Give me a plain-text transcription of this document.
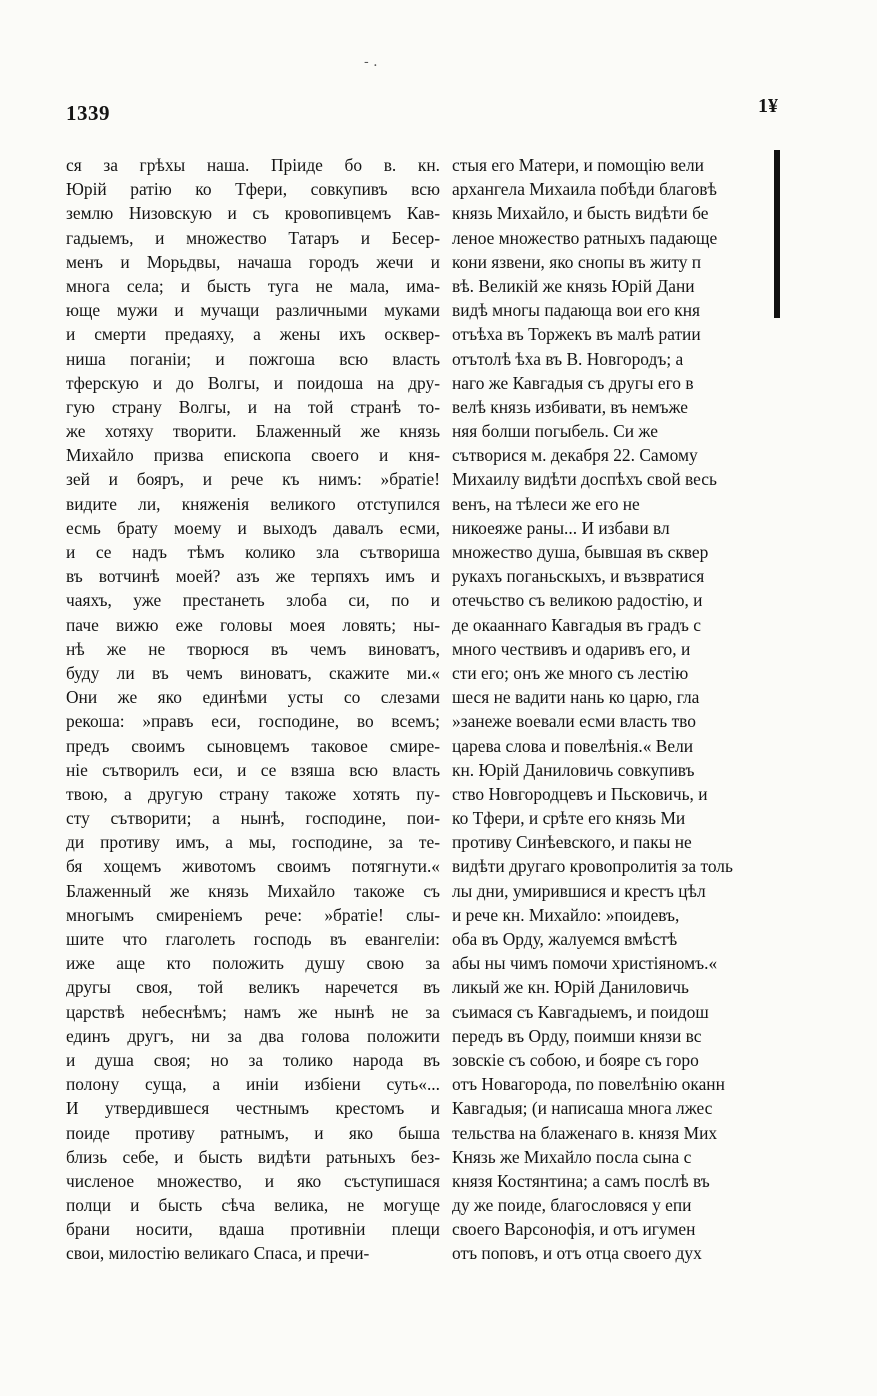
- .
1339	1¥
ся за грѣхы наша. Прiиде бо в. кн.
Юрiй ратiю ко Тфери, совкупивъ всю
землю Низовскую и съ кровопивцемъ Кав-
гадыемъ, и множество Татаръ и Бесер-
менъ и Морьдвы, начаша городъ жечи и
многа села; и бысть туга не мала, има-
юще мужи и мучащи различными муками
и смерти предаяху, а жены ихъ осквер-
ниша поганiи; и пожгоша всю власть
тферскую и до Волгы, и поидоша на дру-
гую страну Волгы, и на той странѣ то-
же хотяху творити. Блаженный же князь
Михайло призва епископа своего и кня-
зей и бояръ, и рече къ нимъ: »братiе!
видите ли, княженiя великого отступился
есмь брату моему и выходъ давалъ есми,
и се надъ тѣмъ колико зла сътвориша
въ вотчинѣ моей? азъ же терпяхъ имъ и
чаяхъ, уже престанеть злоба си, по и
паче вижю еже головы моея ловять; ны-
нѣ же не творюся въ чемъ виноватъ,
буду ли въ чемъ виноватъ, скажите ми.«
Они же яко единѣми усты со слезами
рекоша: »правъ еси, господине, во всемъ;
предъ своимъ сыновцемъ таковое смире-
нiе сътворилъ еси, и се взяша всю власть
твою, а другую страну такоже хотять пу-
сту сътворити; а нынѣ, господине, пои-
ди противу имъ, а мы, господине, за те-
бя хощемъ животомъ своимъ потягнути.«
Блаженный же князь Михайло такоже съ
многымъ смиренiемъ рече: »братiе! слы-
шите что глаголеть господь въ евангелiи:
иже аще кто положить душу свою за
другы своя, той великъ наречется въ
царствѣ небеснѣмъ; намъ же нынѣ не за
единъ другъ, ни за два голова положити
и душа своя; но за толико народа въ
полону суща, а инiи избiени суть«...
И утвердившеся честнымъ крестомъ и
поиде противу ратнымъ, и яко быша
близь себе, и бысть видѣти ратьныхъ без-
численое множество, и яко съступишася
полци и бысть сѣча велика, не могуще
брани носити, вдаша противнiи плещи
свои, милостiю великаго Спаса, и пречи-
стыя его Матери, и помощiю вели
архангела Михаила побѣди благовѣ
князь Михайло, и бысть видѣти бе
леное множество ратныхъ падающе
кони язвени, яко снопы въ житу п
вѣ. Великiй же князь Юрiй Дани
видѣ многы падающа вои его кня
отъѣха въ Торжекъ въ малѣ ратии
отътолѣ ѣха въ В. Новгородъ; а
наго же Кавгадыя съ другы его в
велѣ князь избивати, въ немъже
няя болши погыбель. Си же
сътворися м. декабря 22. Самому
Михаилу видѣти доспѣхъ свой весь
венъ, на тѣлеси же его не
никоеяже раны... И избави вл
множество душа, бывшая въ сквер
рукахъ поганьскыхъ, и възвратися
отечьство съ великою радостiю, и
де окааннаго Кавгадыя въ градъ с
много чествивъ и одаривъ его, и
сти его; онъ же много съ лестiю
шеся не вадити нань ко царю, гла
»занеже воевали есми власть тво
царева слова и повелѣнiя.« Вели
кн. Юрiй Даниловичь совкупивъ
ство Новгородцевъ и Пьсковичь, и
ко Тфери, и срѣте его князь Ми
противу Синѣевского, и пакы не
видѣти другаго кровопролитiя за толь
лы дни, умирившися и крестъ цѣл
и рече кн. Михайло: »поидевъ,
оба въ Орду, жалуемся вмѣстѣ
абы ны чимъ помочи христiяномъ.«
ликый же кн. Юрiй Даниловичь
съимася съ Кавгадыемъ, и поидош
передъ въ Орду, поимши князи вс
зовскiе съ собою, и бояре съ горо
отъ Новагорода, по повелѣнiю оканн
Кавгадыя; (и написаша многа лжес
тельства на блаженаго в. князя Мих
Князь же Михайло посла сына с
князя Костянтина; а самъ послѣ въ
ду же поиде, благословяся у епи
своего Варсонофiя, и отъ игумен
отъ поповъ, и отъ отца своего дух
